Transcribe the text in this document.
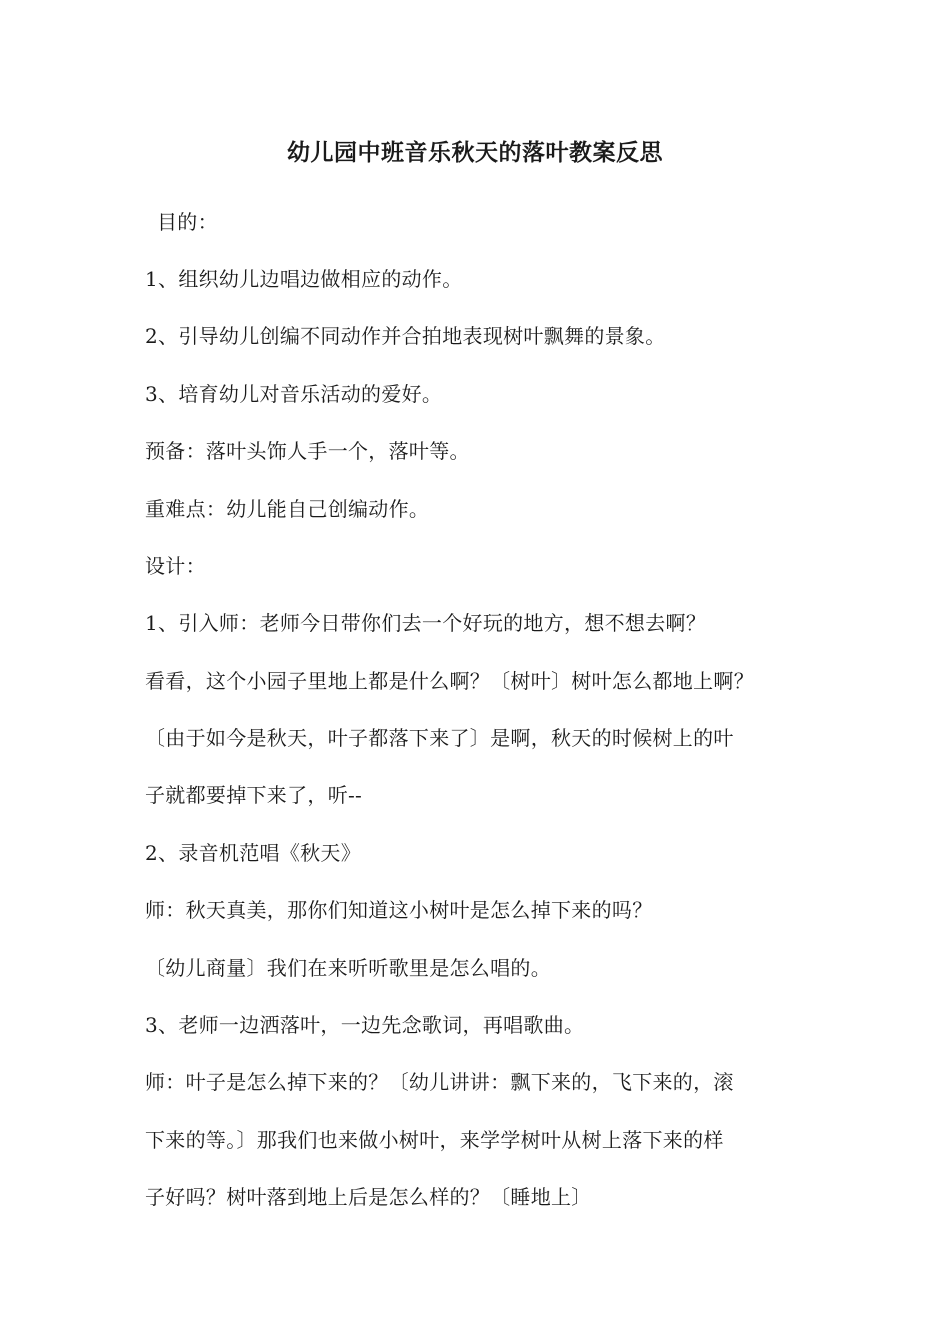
幼儿园中班音乐秋天的落叶教案反思
目的：
1、组织幼儿边唱边做相应的动作。
2、引导幼儿创编不同动作并合拍地表现树叶飘舞的景象。
3、培育幼儿对音乐活动的爱好。
预备：落叶头饰人手一个，落叶等。
重难点：幼儿能自己创编动作。
设计：
1、引入师：老师今日带你们去一个好玩的地方，想不想去啊？
看看，这个小园子里地上都是什么啊？〔树叶〕树叶怎么都地上啊？
〔由于如今是秋天，叶子都落下来了〕是啊，秋天的时候树上的叶
子就都要掉下来了，听--
2、录音机范唱《秋天》
师：秋天真美，那你们知道这小树叶是怎么掉下来的吗？
〔幼儿商量〕我们在来听听歌里是怎么唱的。
3、老师一边洒落叶，一边先念歌词，再唱歌曲。
师：叶子是怎么掉下来的？〔幼儿讲讲：飘下来的，飞下来的，滚
下来的等。〕那我们也来做小树叶，来学学树叶从树上落下来的样
子好吗？树叶落到地上后是怎么样的？〔睡地上〕
